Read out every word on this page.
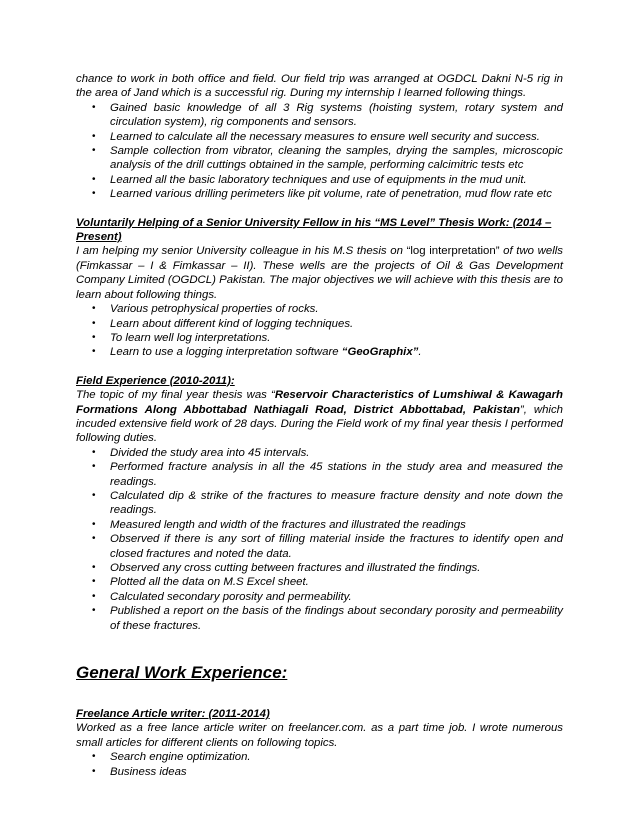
chance to work in both office and field. Our field trip was arranged at OGDCL Dakni N-5 rig in the area of Jand which is a successful rig. During my internship I learned following things.

• Gained basic knowledge of all 3 Rig systems (hoisting system, rotary system and circulation system), rig components and sensors.
• Learned to calculate all the necessary measures to ensure well security and success.
• Sample collection from vibrator, cleaning the samples, drying the samples, microscopic analysis of the drill cuttings obtained in the sample, performing calcimitric tests etc
• Learned all the basic laboratory techniques and use of equipments in the mud unit.
• Learned various drilling perimeters like pit volume, rate of penetration, mud flow rate etc

Voluntarily Helping of a Senior University Fellow in his “MS Level” Thesis Work: (2014 – Present)

I am helping my senior University colleague in his M.S thesis on “log interpretation” of two wells (Fimkassar – I & Fimkassar – II). These wells are the projects of Oil & Gas Development Company Limited (OGDCL) Pakistan. The major objectives we will achieve with this thesis are to learn about following things.

• Various petrophysical properties of rocks.
• Learn about different kind of logging techniques.
• To learn well log interpretations.
• Learn to use a logging interpretation software “GeoGraphix”.

Field Experience (2010-2011):

The topic of my final year thesis was “Reservoir Characteristics of Lumshiwal & Kawagarh Formations Along Abbottabad Nathiagali Road, District Abbottabad, Pakistan”, which incuded extensive field work of 28 days. During the Field work of my final year thesis I performed following duties.

• Divided the study area into 45 intervals.
• Performed fracture analysis in all the 45 stations in the study area and measured the readings.
• Calculated dip & strike of the fractures to measure fracture density and note down the readings.
• Measured length and width of the fractures and illustrated the readings
• Observed if there is any sort of filling material inside the fractures to identify open and closed fractures and noted the data.
• Observed any cross cutting between fractures and illustrated the findings.
• Plotted all the data on M.S Excel sheet.
• Calculated secondary porosity and permeability.
• Published a report on the basis of the findings about secondary porosity and permeability of these fractures.

General Work Experience:

Freelance Article writer: (2011-2014)

Worked as a free lance article writer on freelancer.com. as a part time job. I wrote numerous small articles for different clients on following topics.

• Search engine optimization.
• Business ideas
